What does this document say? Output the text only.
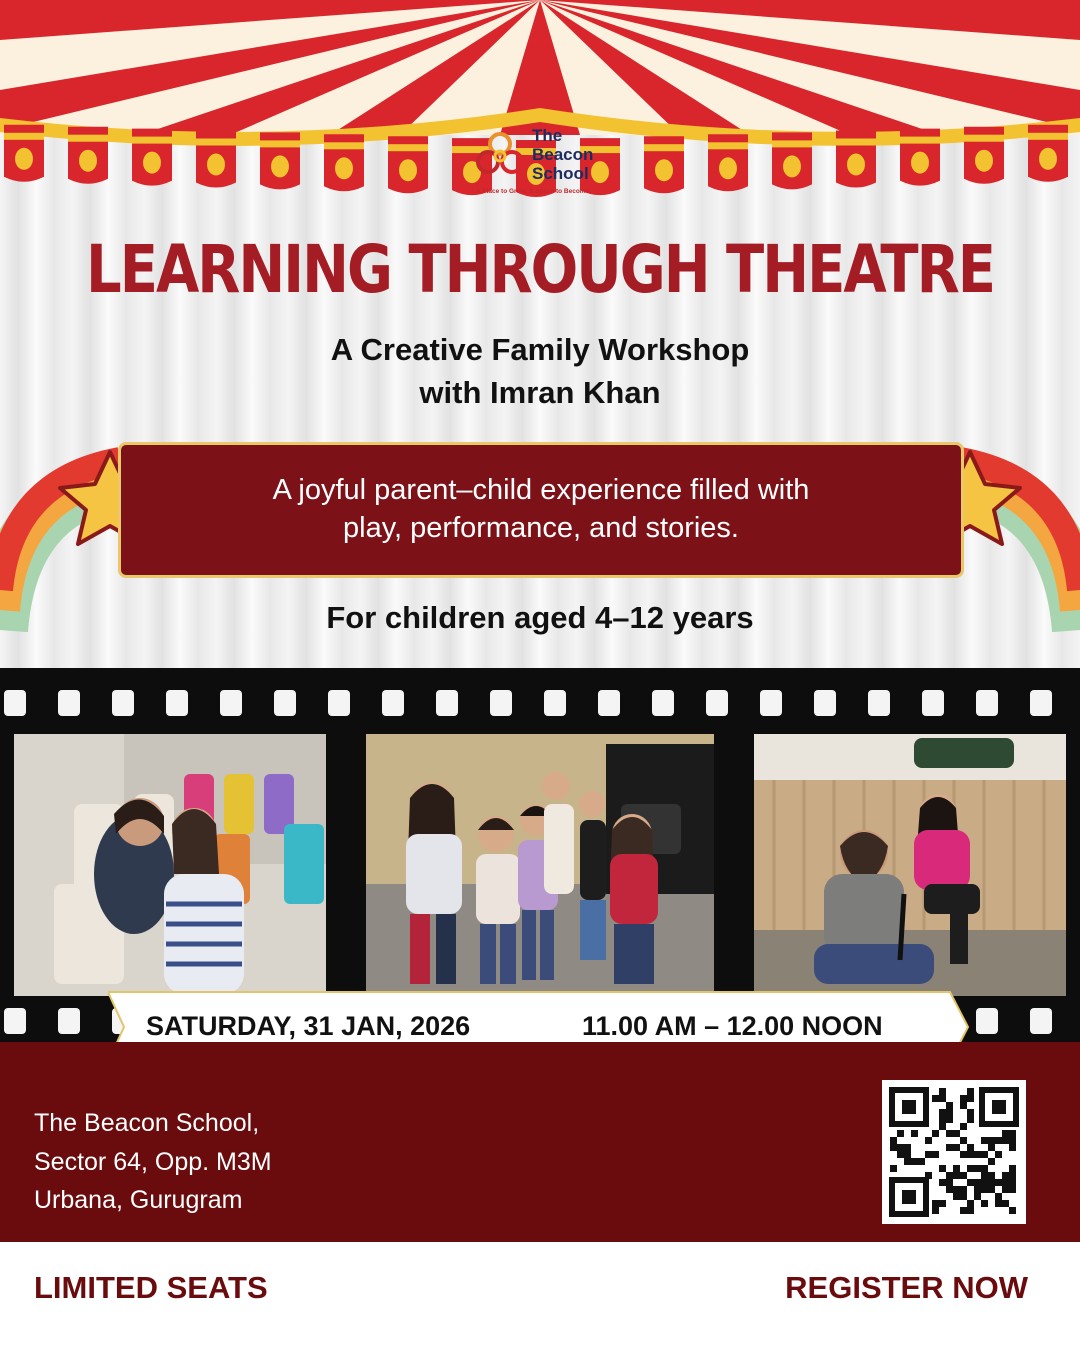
The Beacon School
A Place to Grow. A Space to Become.
LEARNING THROUGH THEATRE
A Creative Family Workshop
with Imran Khan
A joyful parent–child experience filled with
play, performance, and stories.
For children aged 4–12 years
SATURDAY, 31 JAN, 2026	11.00 AM – 12.00 NOON
The Beacon School,
Sector 64, Opp. M3M
Urbana, Gurugram
LIMITED SEATS	REGISTER NOW
